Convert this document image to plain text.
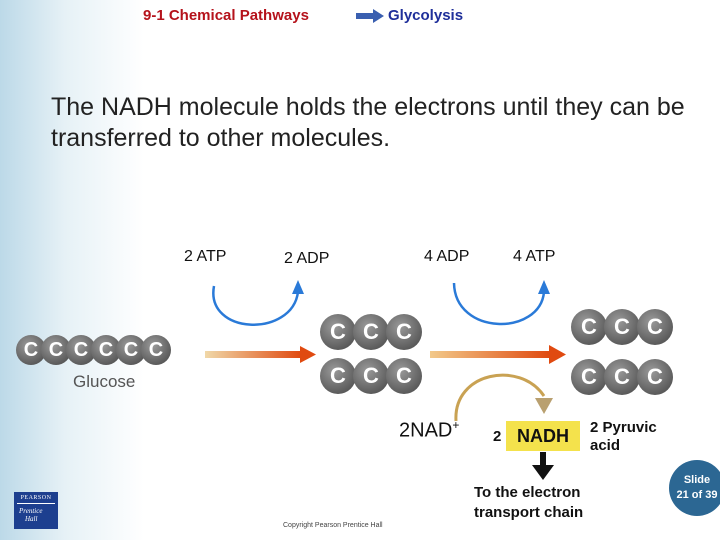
9-1 Chemical Pathways	Glycolysis
The NADH molecule holds the electrons until they can be transferred to other molecules.
2 ATP	2 ADP	4 ADP	4 ATP
C C C C C C
Glucose
C C C
C C C
C C C
C C C
2NAD+
2 NADH 2 Pyruvic acid
To the electron transport chain
PEARSON
Prentice
Hall
Copyright Pearson Prentice Hall
Slide
21 of 39
